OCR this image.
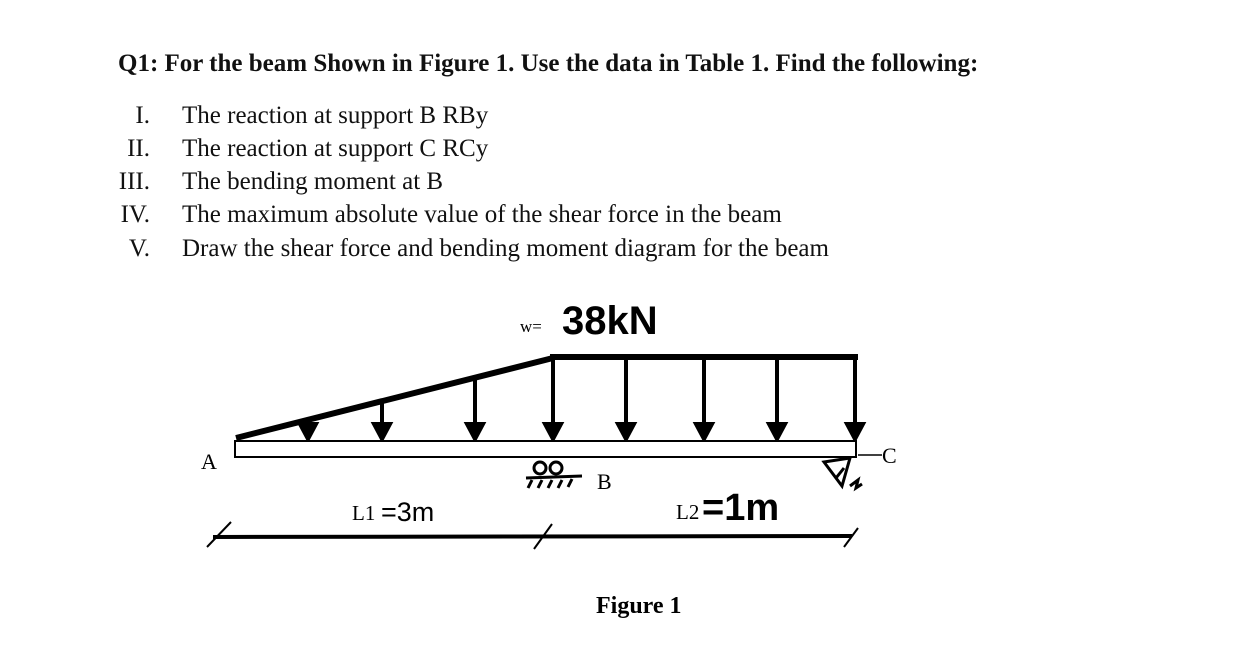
Q1: For the beam Shown in Figure 1. Use the data in Table 1. Find the following:
I. The reaction at support B RBy
II. The reaction at support C RCy
III. The bending moment at B
IV. The maximum absolute value of the shear force in the beam
V. Draw the shear force and bending moment diagram for the beam
w= 38kN
A	C
B
L1 =3m	L2 =1m
Figure 1
